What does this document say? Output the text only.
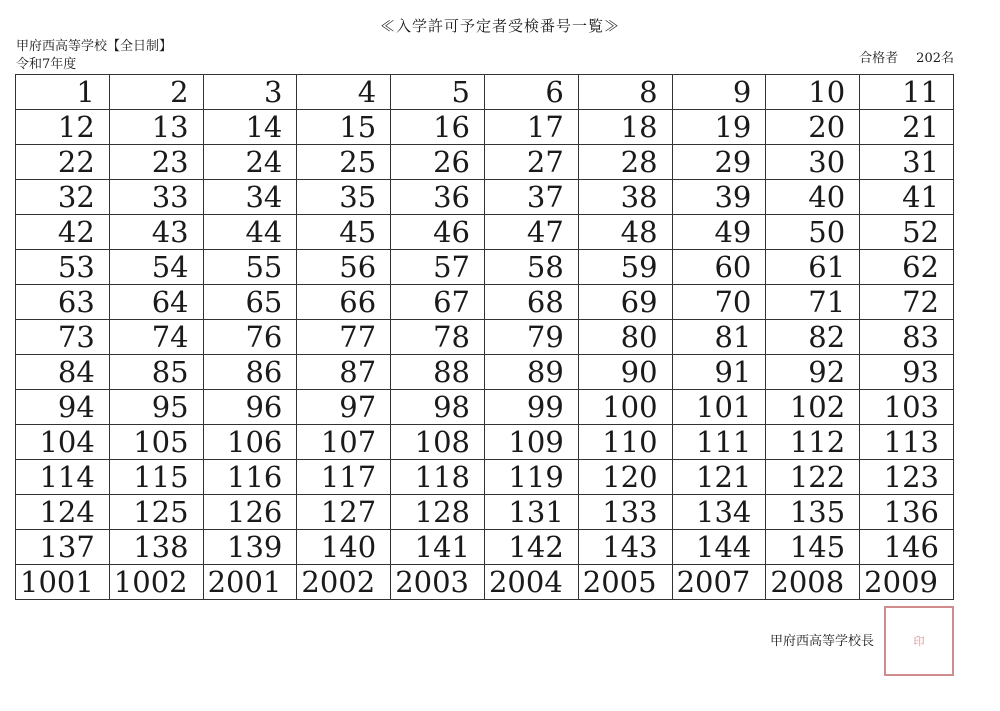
≪入学許可予定者受検番号一覧≫
甲府西高等学校【全日制】
令和7年度	合格者 202名
1	2	3	4	5	6	8	9	10	11
12	13	14	15	16	17	18	19	20	21
22	23	24	25	26	27	28	29	30	31
32	33	34	35	36	37	38	39	40	41
42	43	44	45	46	47	48	49	50	52
53	54	55	56	57	58	59	60	61	62
63	64	65	66	67	68	69	70	71	72
73	74	76	77	78	79	80	81	82	83
84	85	86	87	88	89	90	91	92	93
94	95	96	97	98	99	100	101	102	103
104	105	106	107	108	109	110	111	112	113
114	115	116	117	118	119	120	121	122	123
124	125	126	127	128	131	133	134	135	136
137	138	139	140	141	142	143	144	145	146
1001	1002	2001	2002	2003	2004	2005	2007	2008	2009
甲府西高等学校長	印
